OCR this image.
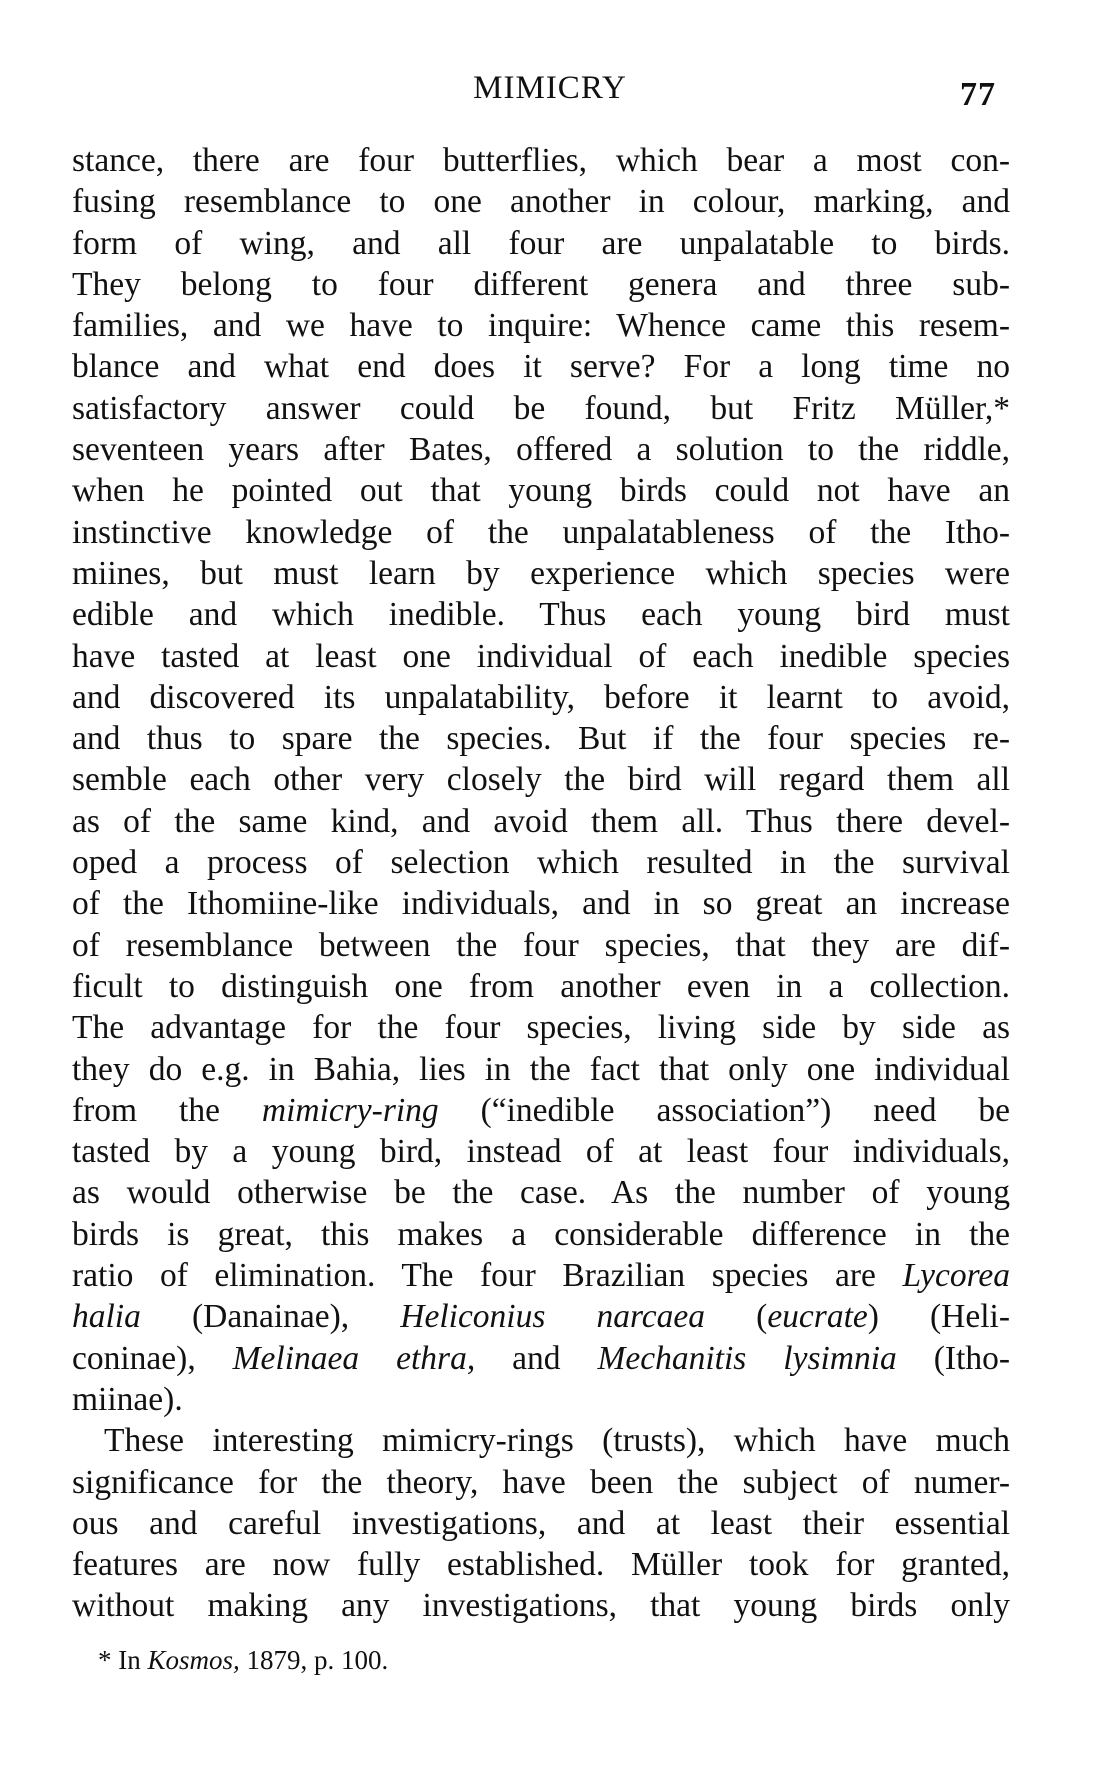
MIMICRY	77
stance, there are four butterflies, which bear a most con-
fusing resemblance to one another in colour, marking, and
form of wing, and all four are unpalatable to birds.
They belong to four different genera and three sub-
families, and we have to inquire: Whence came this resem-
blance and what end does it serve? For a long time no
satisfactory answer could be found, but Fritz Müller,*
seventeen years after Bates, offered a solution to the riddle,
when he pointed out that young birds could not have an
instinctive knowledge of the unpalatableness of the Itho-
miines, but must learn by experience which species were
edible and which inedible. Thus each young bird must
have tasted at least one individual of each inedible species
and discovered its unpalatability, before it learnt to avoid,
and thus to spare the species. But if the four species re-
semble each other very closely the bird will regard them all
as of the same kind, and avoid them all. Thus there devel-
oped a process of selection which resulted in the survival
of the Ithomiine-like individuals, and in so great an increase
of resemblance between the four species, that they are dif-
ficult to distinguish one from another even in a collection.
The advantage for the four species, living side by side as
they do e.g. in Bahia, lies in the fact that only one individual
from the mimicry-ring (“inedible association”) need be
tasted by a young bird, instead of at least four individuals,
as would otherwise be the case. As the number of young
birds is great, this makes a considerable difference in the
ratio of elimination. The four Brazilian species are Lycorea
halia (Danainae), Heliconius narcaea (eucrate) (Heli-
coninae), Melinaea ethra, and Mechanitis lysimnia (Itho-
miinae).
These interesting mimicry-rings (trusts), which have much
significance for the theory, have been the subject of numer-
ous and careful investigations, and at least their essential
features are now fully established. Müller took for granted,
without making any investigations, that young birds only
* In Kosmos, 1879, p. 100.
